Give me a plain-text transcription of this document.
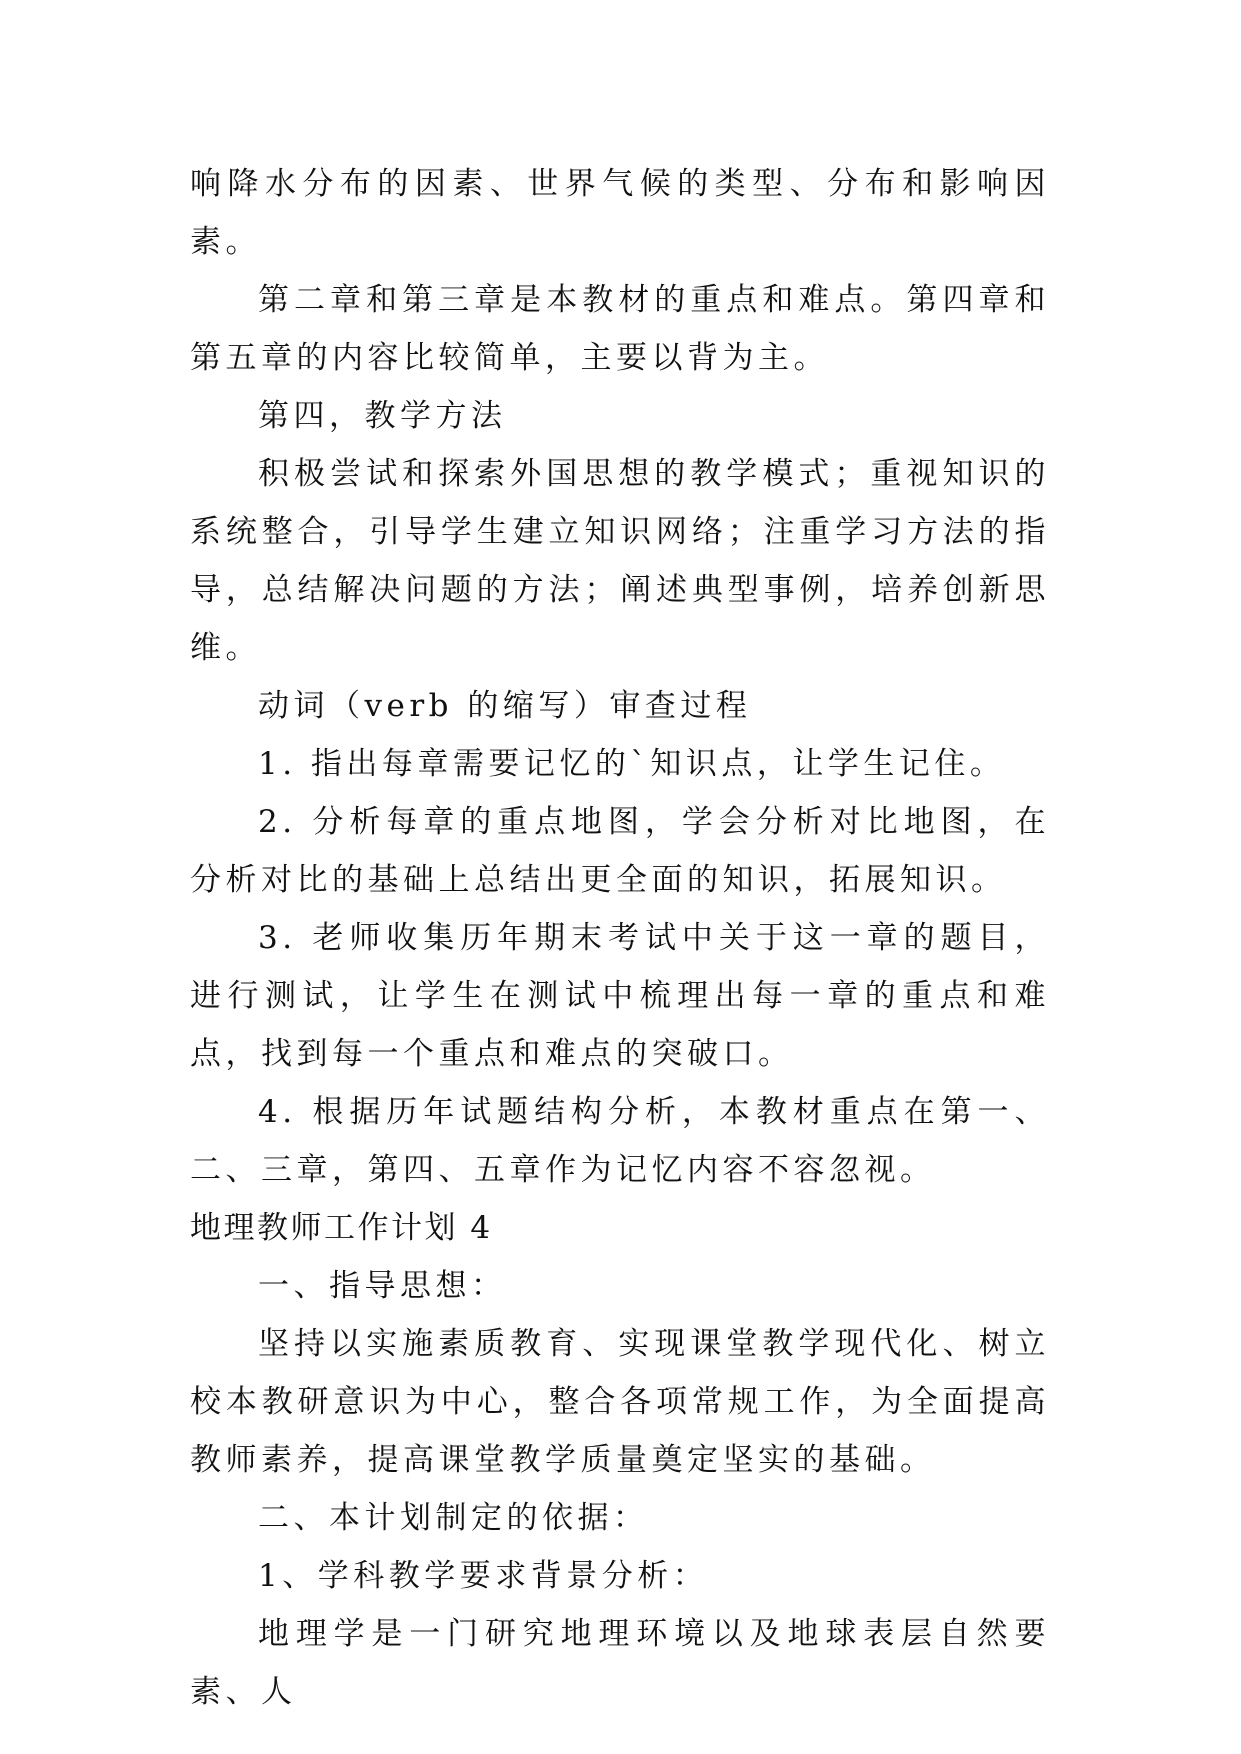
响降水分布的因素、世界气候的类型、分布和影响因素。

第二章和第三章是本教材的重点和难点。第四章和第五章的内容比较简单，主要以背为主。

第四，教学方法

积极尝试和探索外国思想的教学模式；重视知识的系统整合，引导学生建立知识网络；注重学习方法的指导，总结解决问题的方法；阐述典型事例，培养创新思维。

动词（verb 的缩写）审查过程

1. 指出每章需要记忆的`知识点，让学生记住。

2. 分析每章的重点地图，学会分析对比地图，在分析对比的基础上总结出更全面的知识，拓展知识。

3. 老师收集历年期末考试中关于这一章的题目，进行测试，让学生在测试中梳理出每一章的重点和难点，找到每一个重点和难点的突破口。

4. 根据历年试题结构分析，本教材重点在第一、二、三章，第四、五章作为记忆内容不容忽视。

地理教师工作计划 4

一、指导思想：

坚持以实施素质教育、实现课堂教学现代化、树立校本教研意识为中心，整合各项常规工作，为全面提高教师素养，提高课堂教学质量奠定坚实的基础。

二、本计划制定的依据：

1、学科教学要求背景分析：

地理学是一门研究地理环境以及地球表层自然要素、人
